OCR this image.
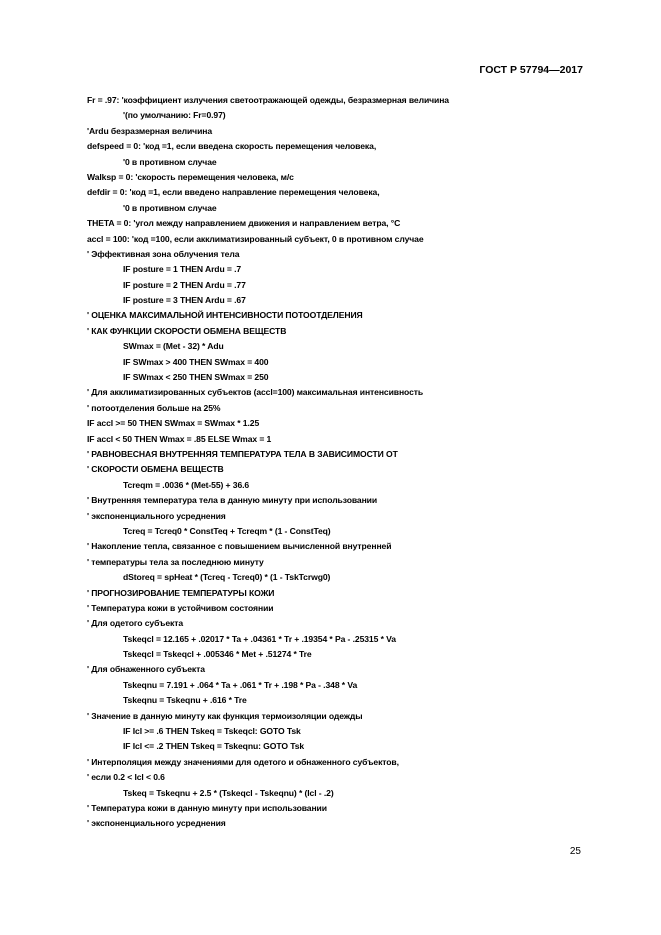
ГОСТ Р 57794—2017
Fr = .97: 'коэффициент излучения светоотражающей одежды, безразмерная величина
'(по умолчанию: Fr=0.97)
'Ardu безразмерная величина
defspeed = 0: 'код =1, если введена скорость перемещения человека,
'0 в противном случае
Walksp = 0: 'скорость перемещения человека, м/с
defdir = 0: 'код =1, если введено направление перемещения человека,
'0 в противном случае
THETA = 0: 'угол между направлением движения и направлением ветра, °С
accl = 100: 'код =100, если акклиматизированный субъект, 0 в противном случае
' Эффективная зона облучения тела
IF posture = 1 THEN Ardu = .7
IF posture = 2 THEN Ardu = .77
IF posture = 3 THEN Ardu = .67
' ОЦЕНКА МАКСИМАЛЬНОЙ ИНТЕНСИВНОСТИ ПОТООТДЕЛЕНИЯ
' КАК ФУНКЦИИ СКОРОСТИ ОБМЕНА ВЕЩЕСТВ
SWmax = (Met - 32) * Adu
IF SWmax > 400 THEN SWmax = 400
IF SWmax < 250 THEN SWmax = 250
' Для акклиматизированных субъектов (accl=100) максимальная интенсивность
' потоотделения больше на 25%
IF accl >= 50 THEN SWmax = SWmax * 1.25
IF accl < 50 THEN Wmax = .85 ELSE Wmax = 1
' РАВНОВЕСНАЯ ВНУТРЕННЯЯ ТЕМПЕРАТУРА ТЕЛА В ЗАВИСИМОСТИ ОТ
' СКОРОСТИ ОБМЕНА ВЕЩЕСТВ
Tcreqm = .0036 * (Met-55) + 36.6
' Внутренняя температура тела в данную минуту при использовании
' экспоненциального усреднения
Tcreq = Tcreq0 * ConstTeq + Tcreqm * (1 - ConstTeq)
' Накопление тепла, связанное с повышением вычисленной внутренней
' температуры тела за последнюю минуту
dStoreq = spHeat * (Tcreq - Tcreq0) * (1 - TskTcrwg0)
' ПРОГНОЗИРОВАНИЕ ТЕМПЕРАТУРЫ КОЖИ
' Температура кожи в устойчивом состоянии
' Для одетого субъекта
Tskeqcl = 12.165 + .02017 * Ta + .04361 * Tr + .19354 * Pa - .25315 * Va
Tskeqcl = Tskeqcl + .005346 * Met + .51274 * Tre
' Для обнаженного субъекта
Tskeqnu = 7.191 + .064 * Ta + .061 * Tr + .198 * Pa - .348 * Va
Tskeqnu = Tskeqnu + .616 * Tre
' Значение в данную минуту как функция термоизоляции одежды
IF Icl >= .6 THEN Tskeq = Tskeqcl: GOTO Tsk
IF Icl <= .2 THEN Tskeq = Tskeqnu: GOTO Tsk
' Интерполяция между значениями для одетого и обнаженного субъектов,
' если 0.2 < Icl < 0.6
Tskeq = Tskeqnu + 2.5 * (Tskeqcl - Tskeqnu) * (Icl - .2)
' Температура кожи в данную минуту при использовании
' экспоненциального усреднения
25
